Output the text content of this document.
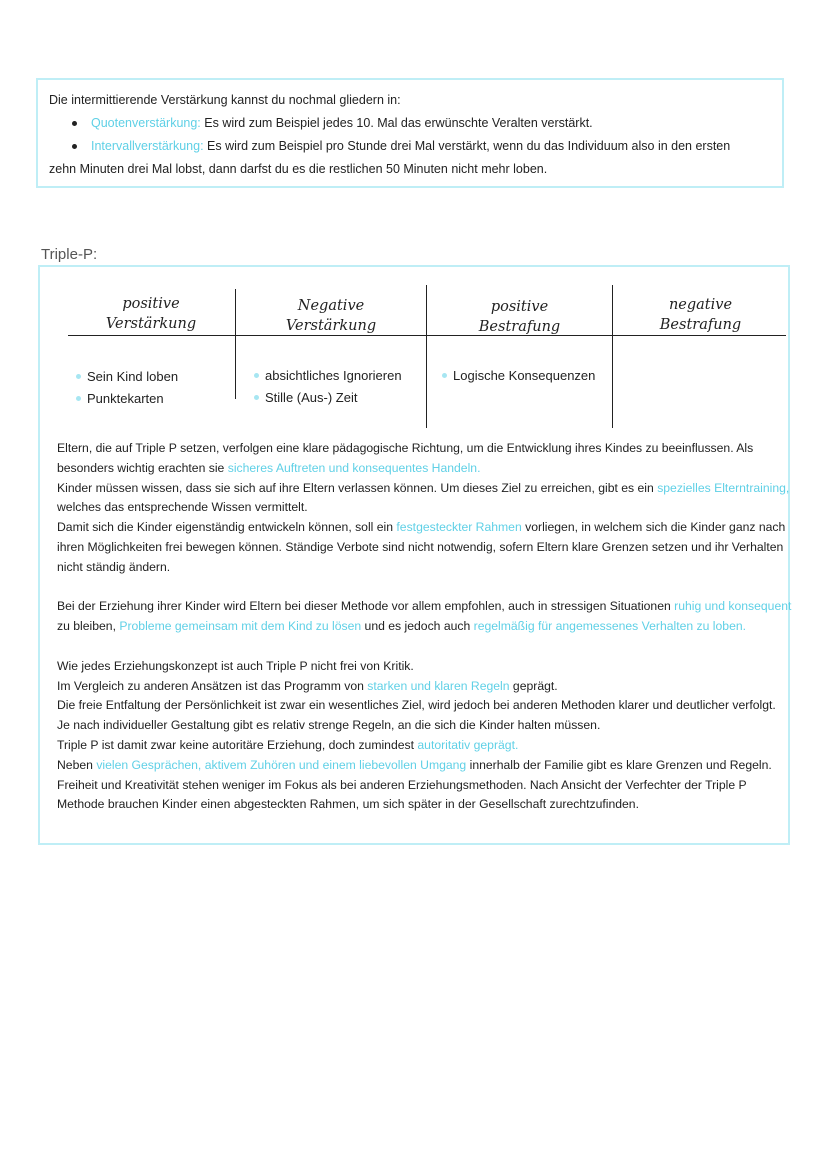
Die intermittierende Verstärkung kannst du nochmal gliedern in:
Quotenverstärkung: Es wird zum Beispiel jedes 10. Mal das erwünschte Veralten verstärkt.
Intervallverstärkung: Es wird zum Beispiel pro Stunde drei Mal verstärkt, wenn du das Individuum also in den ersten
zehn Minuten drei Mal lobst, dann darfst du es die restlichen 50 Minuten nicht mehr loben.
Triple-P:
positive
Verstärkung
Negative
Verstärkung
positive
Bestrafung
negative
Bestrafung
Sein Kind loben
Punktekarten
absichtliches Ignorieren
Stille (Aus-) Zeit
Logische Konsequenzen

Eltern, die auf Triple P setzen, verfolgen eine klare pädagogische Richtung, um die Entwicklung ihres Kindes zu beeinflussen. Als besonders wichtig erachten sie sicheres Auftreten und konsequentes Handeln.
Kinder müssen wissen, dass sie sich auf ihre Eltern verlassen können. Um dieses Ziel zu erreichen, gibt es ein spezielles Elterntraining, welches das entsprechende Wissen vermittelt.
Damit sich die Kinder eigenständig entwickeln können, soll ein festgesteckter Rahmen vorliegen, in welchem sich die Kinder ganz nach ihren Möglichkeiten frei bewegen können. Ständige Verbote sind nicht notwendig, sofern Eltern klare Grenzen setzen und ihr Verhalten nicht ständig ändern.

Bei der Erziehung ihrer Kinder wird Eltern bei dieser Methode vor allem empfohlen, auch in stressigen Situationen ruhig und konsequent zu bleiben, Probleme gemeinsam mit dem Kind zu lösen und es jedoch auch regelmäßig für angemessenes Verhalten zu loben.

Wie jedes Erziehungskonzept ist auch Triple P nicht frei von Kritik.
Im Vergleich zu anderen Ansätzen ist das Programm von starken und klaren Regeln geprägt.
Die freie Entfaltung der Persönlichkeit ist zwar ein wesentliches Ziel, wird jedoch bei anderen Methoden klarer und deutlicher verfolgt.
Je nach individueller Gestaltung gibt es relativ strenge Regeln, an die sich die Kinder halten müssen.
Triple P ist damit zwar keine autoritäre Erziehung, doch zumindest autoritativ geprägt.
Neben vielen Gesprächen, aktivem Zuhören und einem liebevollen Umgang innerhalb der Familie gibt es klare Grenzen und Regeln. Freiheit und Kreativität stehen weniger im Fokus als bei anderen Erziehungsmethoden. Nach Ansicht der Verfechter der Triple P Methode brauchen Kinder einen abgesteckten Rahmen, um sich später in der Gesellschaft zurechtzufinden.
